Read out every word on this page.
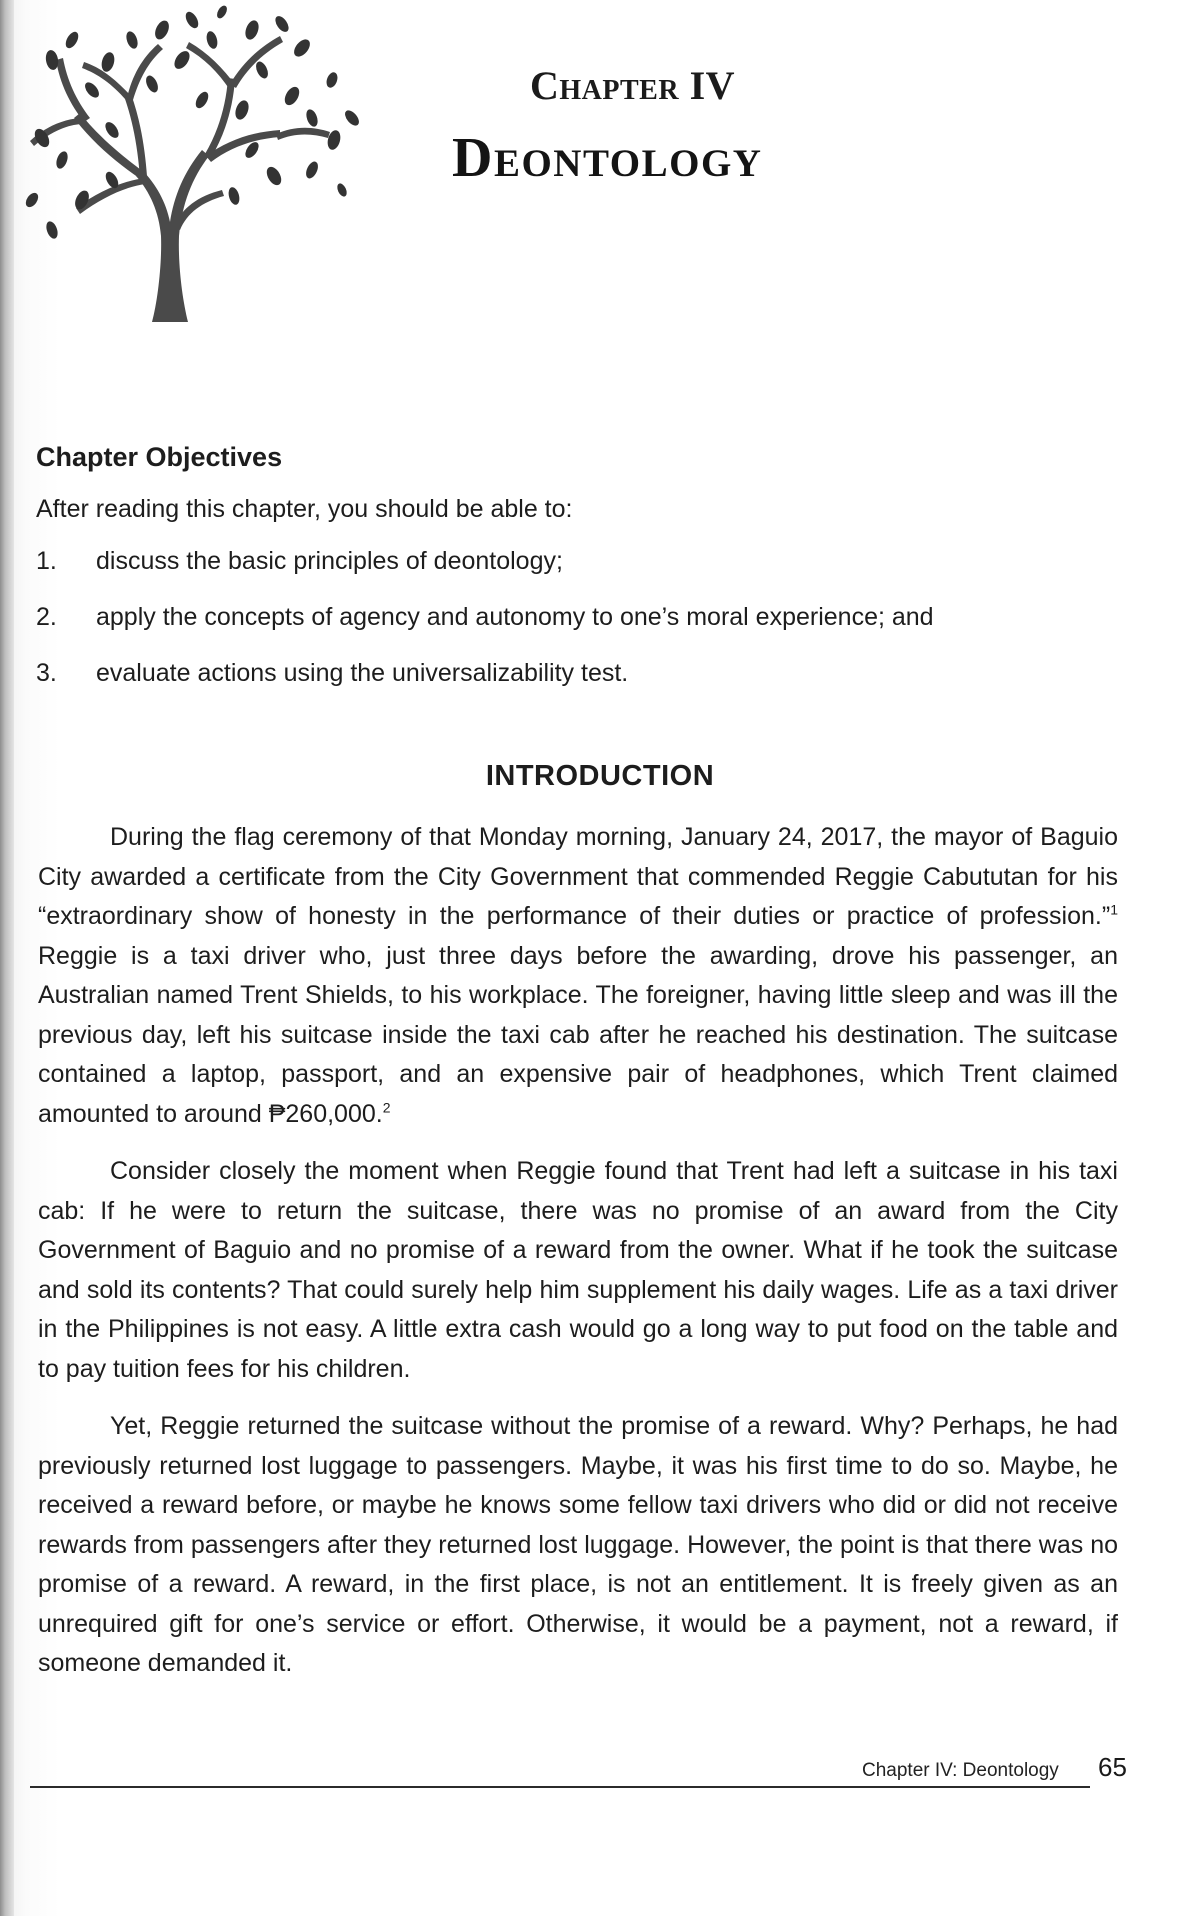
Chapter IV
Deontology
Chapter Objectives

After reading this chapter, you should be able to:

1.	discuss the basic principles of deontology;
2.	apply the concepts of agency and autonomy to one’s moral experience; and
3.	evaluate actions using the universalizability test.
INTRODUCTION

During the flag ceremony of that Monday morning, January 24, 2017, the mayor of Baguio City awarded a certificate from the City Government that commended Reggie Cabututan for his “extraordinary show of honesty in the performance of their duties or practice of profession.”$^1$ Reggie is a taxi driver who, just three days before the awarding, drove his passenger, an Australian named Trent Shields, to his workplace. The foreigner, having little sleep and was ill the previous day, left his suitcase inside the taxi cab after he reached his destination. The suitcase contained a laptop, passport, and an expensive pair of headphones, which Trent claimed amounted to around ₱260,000.$^2$

Consider closely the moment when Reggie found that Trent had left a suitcase in his taxi cab: If he were to return the suitcase, there was no promise of an award from the City Government of Baguio and no promise of a reward from the owner. What if he took the suitcase and sold its contents? That could surely help him supplement his daily wages. Life as a taxi driver in the Philippines is not easy. A little extra cash would go a long way to put food on the table and to pay tuition fees for his children.

Yet, Reggie returned the suitcase without the promise of a reward. Why? Perhaps, he had previously returned lost luggage to passengers. Maybe, it was his first time to do so. Maybe, he received a reward before, or maybe he knows some fellow taxi drivers who did or did not receive rewards from passengers after they returned lost luggage. However, the point is that there was no promise of a reward. A reward, in the first place, is not an entitlement. It is freely given as an unrequired gift for one’s service or effort. Otherwise, it would be a payment, not a reward, if someone demanded it.

Chapter IV: Deontology 65
